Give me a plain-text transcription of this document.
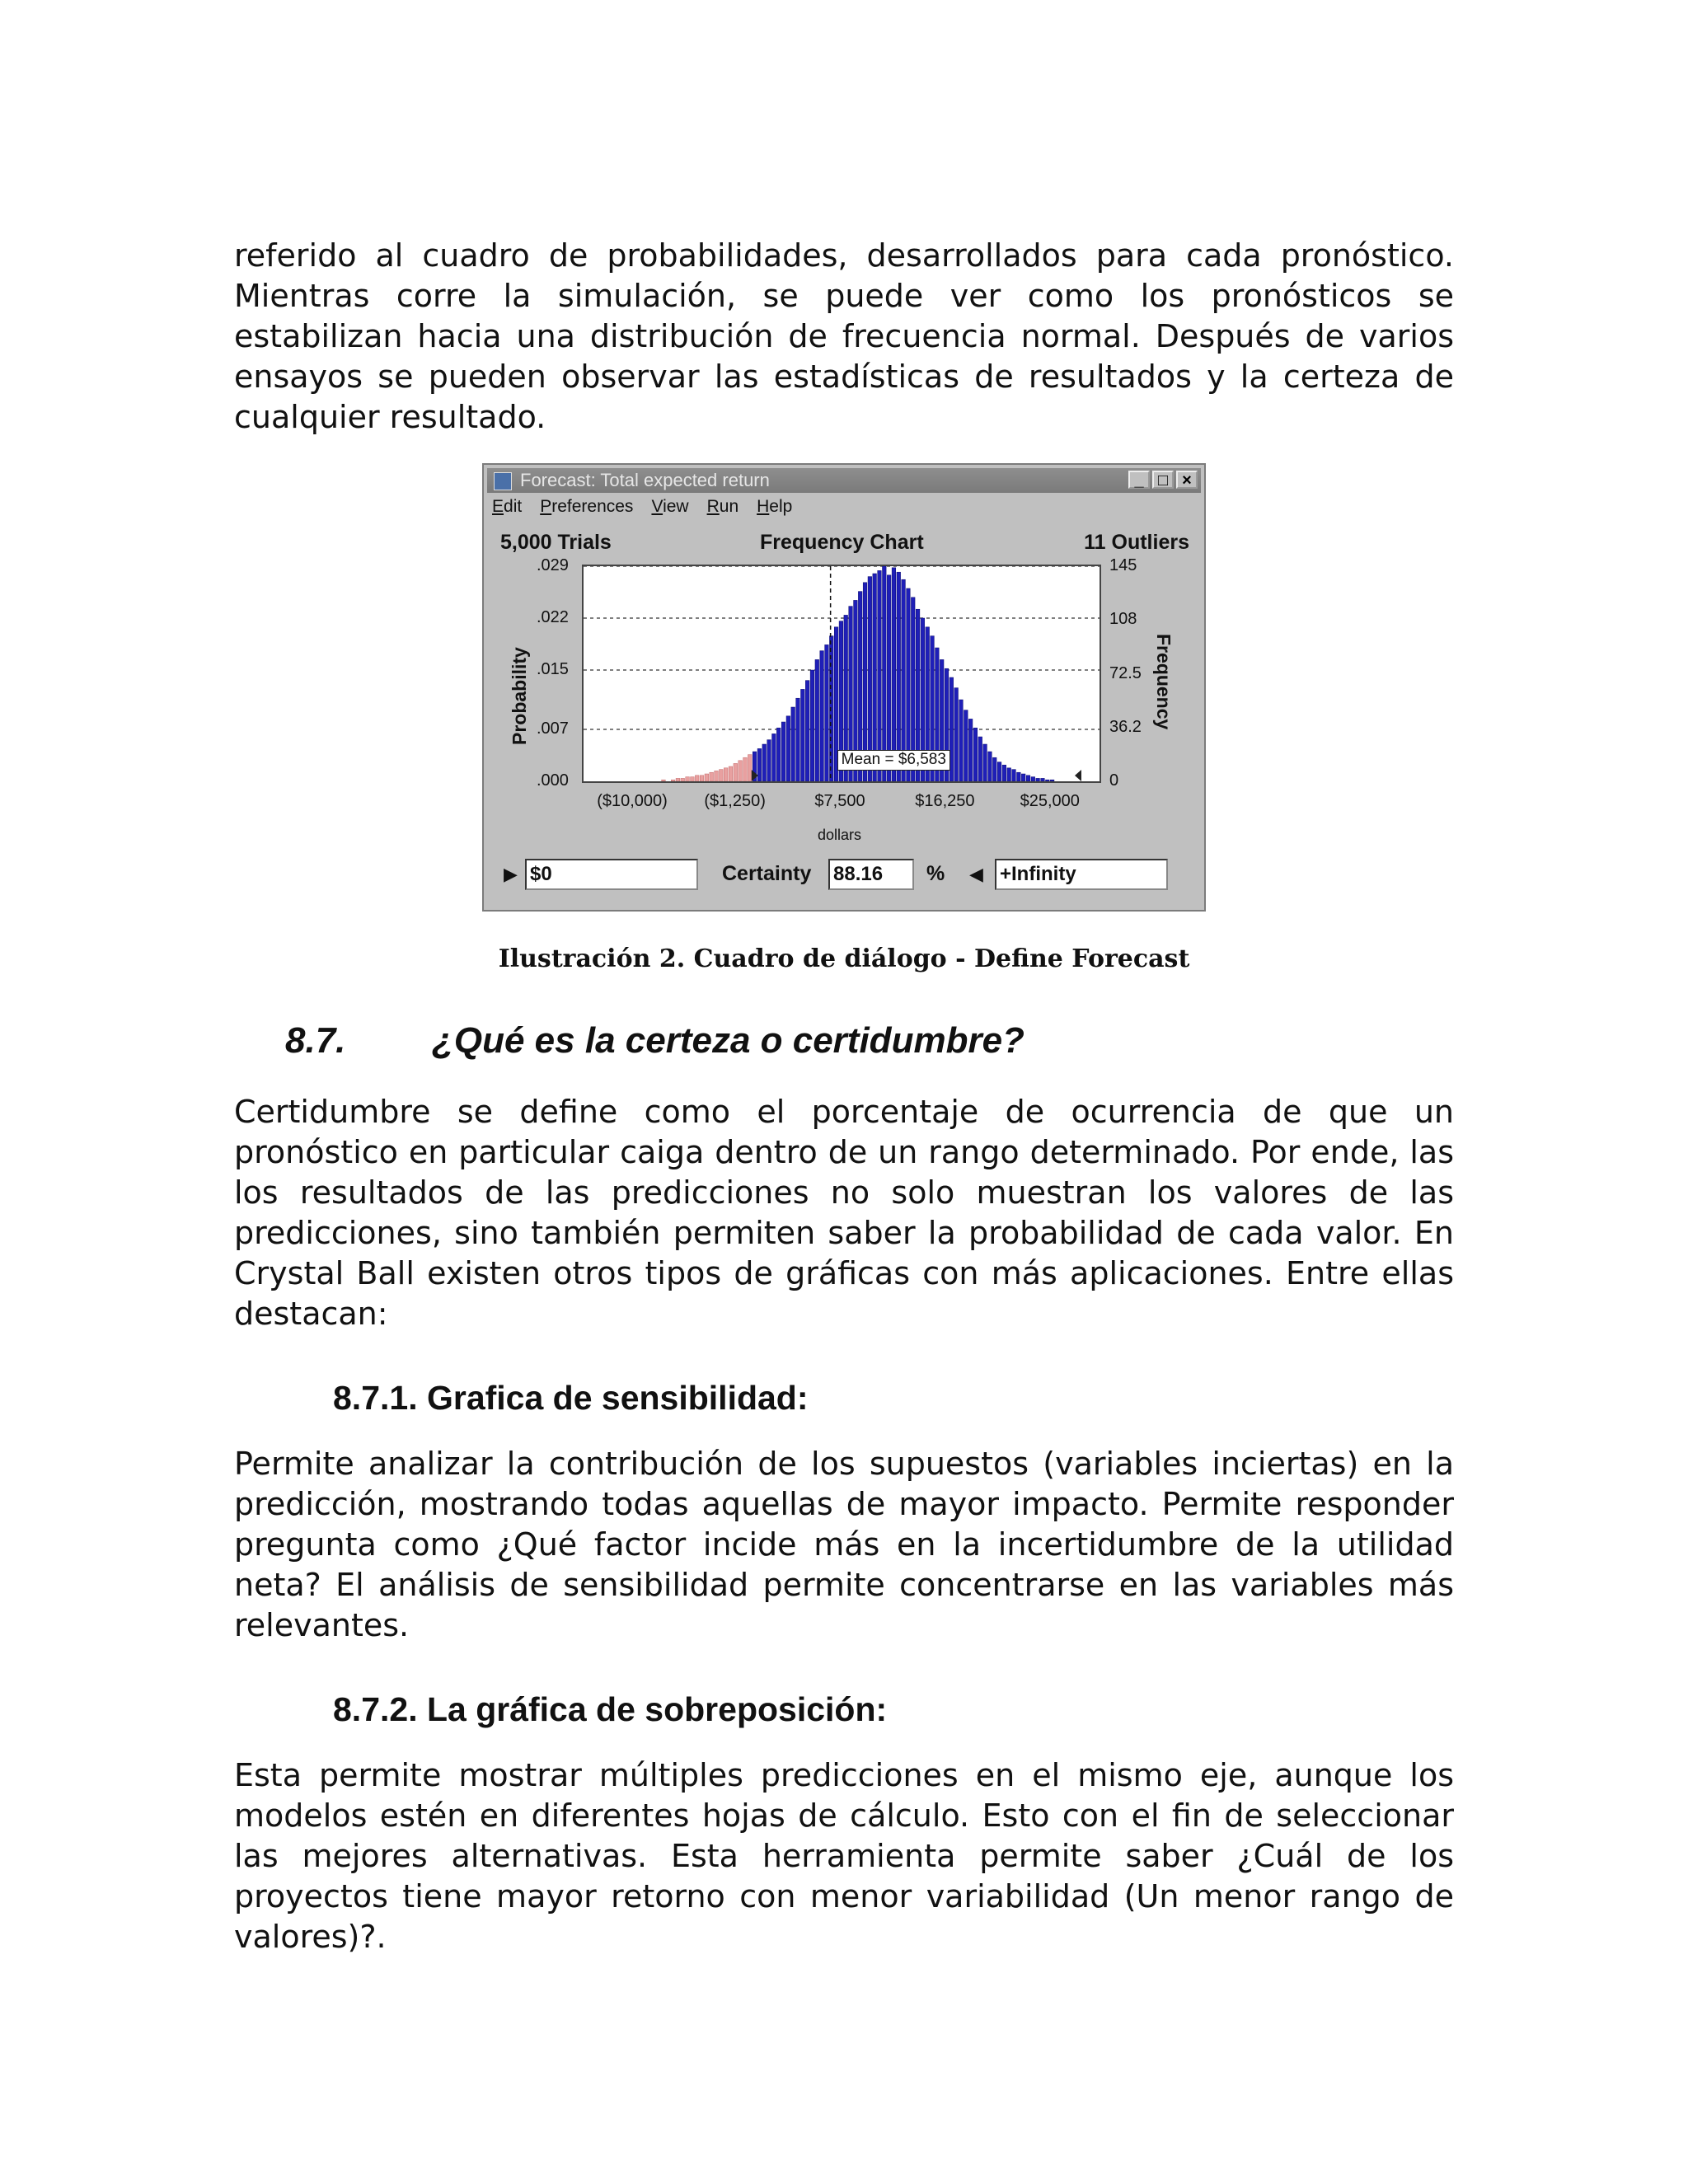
referido al cuadro de probabilidades, desarrollados para cada pronóstico. Mientras corre la simulación, se puede ver como los pronósticos se estabilizan hacia una distribución de frecuencia normal. Después de varios ensayos se pueden observar las estadísticas de resultados y la certeza de cualquier resultado.

Forecast: Total expected return	_ □ ×
Edit Preferences View Run Help
5,000 Trials	Frequency Chart	11 Outliers
Probability	Frequency
Mean = $6,583
dollars
▶ $0	Certainty 88.16	% ◀ +Infinity
.000
.007
.015
.022
.029
0
36.2
72.5
108
145
($10,000) ($1,250)	$7,500	$16,250	$25,000
Ilustración 2. Cuadro de diálogo - Define Forecast
8.7.	¿Qué es la certeza o certidumbre?

Certidumbre se define como el porcentaje de ocurrencia de que un pronóstico en particular caiga dentro de un rango determinado. Por ende, las los resultados de las predicciones no solo muestran los valores de las predicciones, sino también permiten saber la probabilidad de cada valor. En Crystal Ball existen otros tipos de gráficas con más aplicaciones. Entre ellas destacan:

8.7.1. Grafica de sensibilidad:

Permite analizar la contribución de los supuestos (variables inciertas) en la predicción, mostrando todas aquellas de mayor impacto. Permite responder pregunta como ¿Qué factor incide más en la incertidumbre de la utilidad neta? El análisis de sensibilidad permite concentrarse en las variables más relevantes.

8.7.2. La gráfica de sobreposición:

Esta permite mostrar múltiples predicciones en el mismo eje, aunque los modelos estén en diferentes hojas de cálculo. Esto con el fin de seleccionar las mejores alternativas. Esta herramienta permite saber ¿Cuál de los proyectos tiene mayor retorno con menor variabilidad (Un menor rango de valores)?.
